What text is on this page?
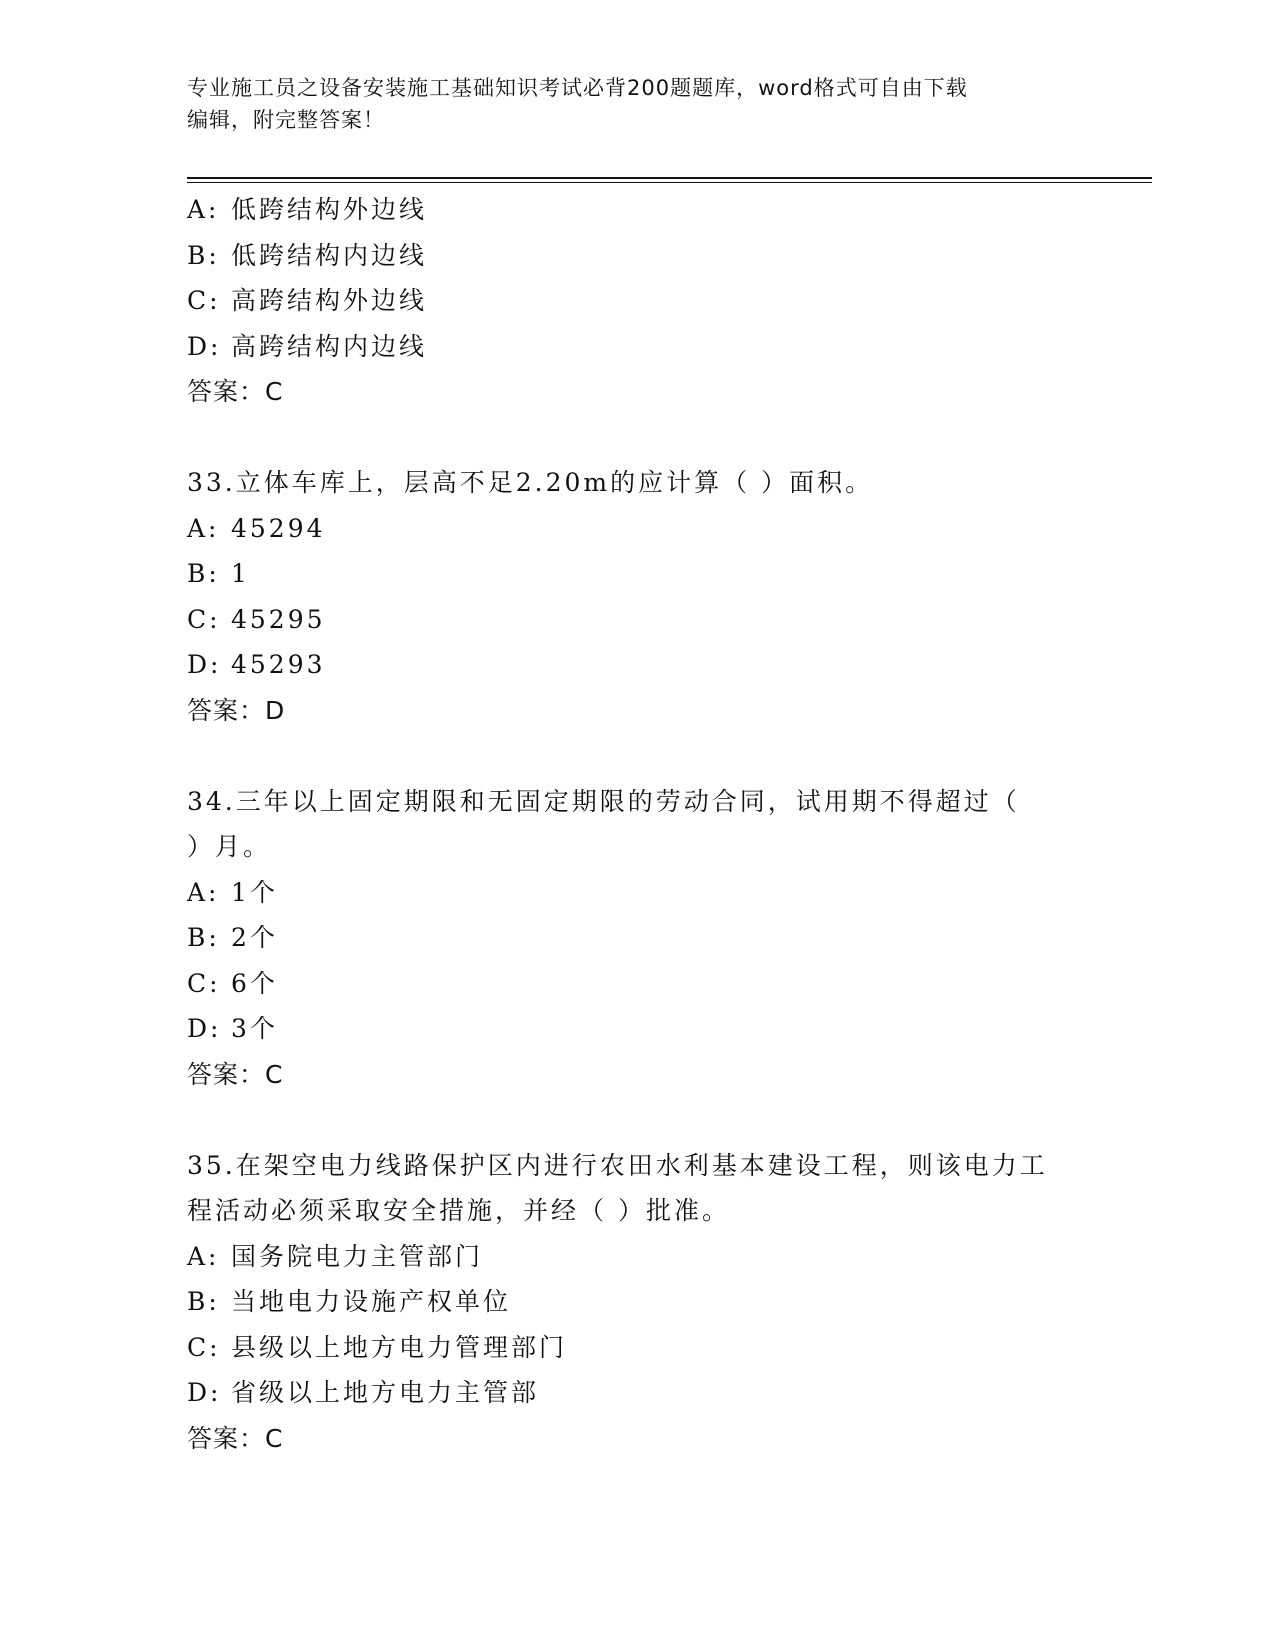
专业施工员之设备安装施工基础知识考试必背200题题库，word格式可自由下载
编辑，附完整答案！
A: 低跨结构外边线
B: 低跨结构内边线
C: 高跨结构外边线
D: 高跨结构内边线
答案：C
33.立体车库上，层高不足2.20m的应计算（ ）面积。
A: 45294
B: 1
C: 45295
D: 45293
答案：D
34.三年以上固定期限和无固定期限的劳动合同，试用期不得超过（
）月。
A: 1个
B: 2个
C: 6个
D: 3个
答案：C
35.在架空电力线路保护区内进行农田水利基本建设工程，则该电力工
程活动必须采取安全措施，并经（ ）批准。
A: 国务院电力主管部门
B: 当地电力设施产权单位
C: 县级以上地方电力管理部门
D: 省级以上地方电力主管部
答案：C
